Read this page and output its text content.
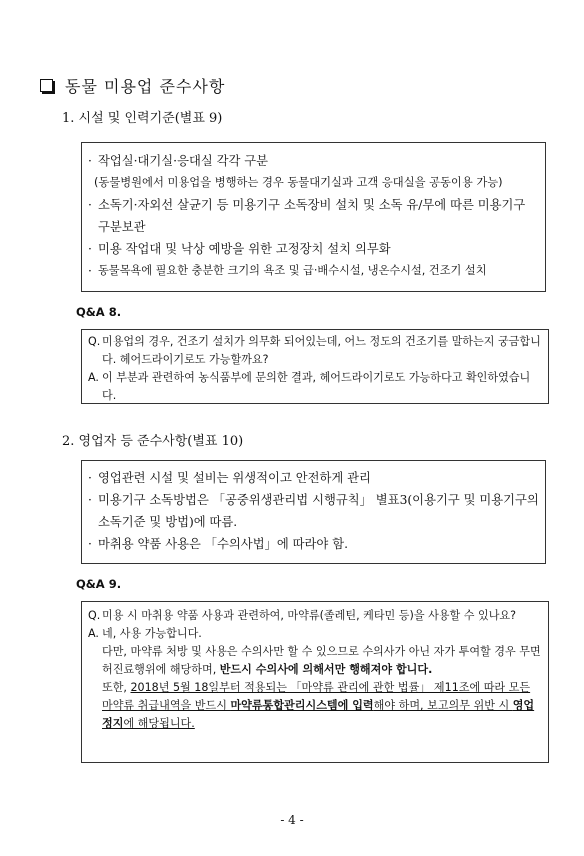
동물 미용업 준수사항
1. 시설 및 인력기준(별표 9)
· 작업실·대기실·응대실 각각 구분
(동물병원에서 미용업을 병행하는 경우 동물대기실과 고객 응대실을 공동이용 가능)
· 소독기·자외선 살균기 등 미용기구 소독장비 설치 및 소독 유/무에 따른 미용기구 구분보관
· 미용 작업대 및 낙상 예방을 위한 고정장치 설치 의무화
· 동물목욕에 필요한 충분한 크기의 욕조 및 급·배수시설, 냉온수시설, 건조기 설치
Q&A 8.
Q. 미용업의 경우, 건조기 설치가 의무화 되어있는데, 어느 정도의 건조기를 말하는지 궁금합니다. 헤어드라이기로도 가능할까요?
A. 이 부분과 관련하여 농식품부에 문의한 결과, 헤어드라이기로도 가능하다고 확인하였습니다.
2. 영업자 등 준수사항(별표 10)
· 영업관련 시설 및 설비는 위생적이고 안전하게 관리
· 미용기구 소독방법은 「공중위생관리법 시행규칙」 별표3(이용기구 및 미용기구의 소독기준 및 방법)에 따름.
· 마취용 약품 사용은 「수의사법」에 따라야 함.
Q&A 9.
Q. 미용 시 마취용 약품 사용과 관련하여, 마약류(졸레틴, 케타민 등)을 사용할 수 있나요?
A. 네, 사용 가능합니다.
다만, 마약류 처방 및 사용은 수의사만 할 수 있으므로 수의사가 아닌 자가 투여할 경우 무면허진료행위에 해당하며, 반드시 수의사에 의해서만 행해져야 합니다.
또한, 2018년 5월 18일부터 적용되는 「마약류 관리에 관한 법률」 제11조에 따라 모든 마약류 취급내역을 반드시 마약류통합관리시스템에 입력해야 하며, 보고의무 위반 시 영업정지에 해당됩니다.
- 4 -
